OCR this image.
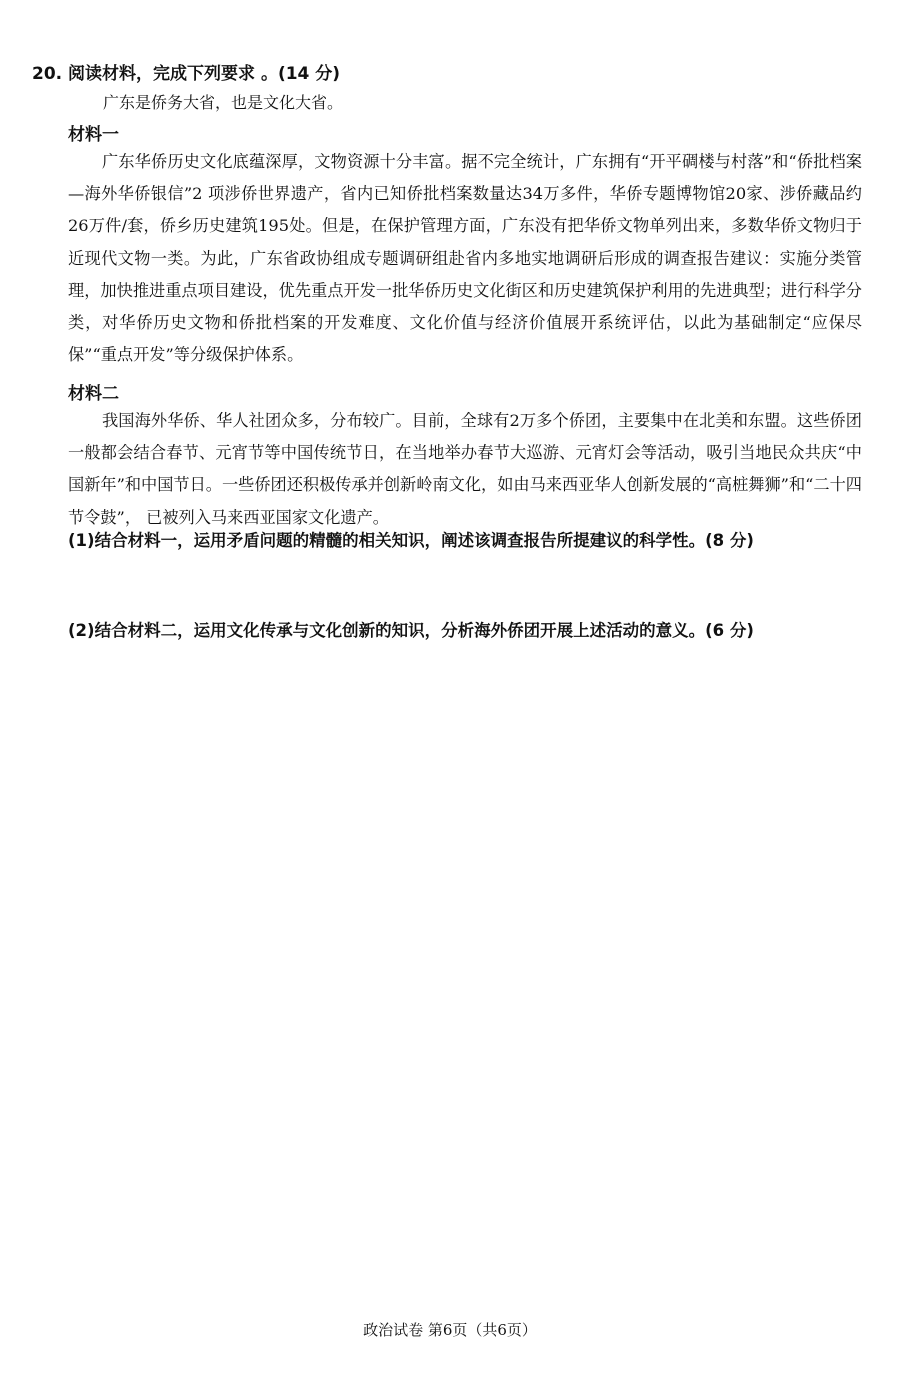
20. 阅读材料，完成下列要求 。(14 分)
广东是侨务大省，也是文化大省。
材料一
广东华侨历史文化底蕴深厚，文物资源十分丰富。据不完全统计，广东拥有“开平碉楼与村落”和“侨批档案—海外华侨银信”2 项涉侨世界遗产，省内已知侨批档案数量达34万多件，华侨专题博物馆20家、涉侨藏品约26万件/套，侨乡历史建筑195处。但是，在保护管理方面，广东没有把华侨文物单列出来，多数华侨文物归于近现代文物一类。为此，广东省政协组成专题调研组赴省内多地实地调研后形成的调查报告建议：实施分类管理，加快推进重点项目建设，优先重点开发一批华侨历史文化街区和历史建筑保护利用的先进典型；进行科学分类，对华侨历史文物和侨批档案的开发难度、文化价值与经济价值展开系统评估，以此为基础制定“应保尽保”“重点开发”等分级保护体系。
材料二
我国海外华侨、华人社团众多，分布较广。目前，全球有2万多个侨团，主要集中在北美和东盟。这些侨团一般都会结合春节、元宵节等中国传统节日，在当地举办春节大巡游、元宵灯会等活动，吸引当地民众共庆“中国新年”和中国节日。一些侨团还积极传承并创新岭南文化，如由马来西亚华人创新发展的“高桩舞狮”和“二十四节令鼓”， 已被列入马来西亚国家文化遗产。
(1)结合材料一，运用矛盾问题的精髓的相关知识，阐述该调查报告所提建议的科学性。(8 分)
(2)结合材料二，运用文化传承与文化创新的知识，分析海外侨团开展上述活动的意义。(6 分)
政治试卷 第6页（共6页）
